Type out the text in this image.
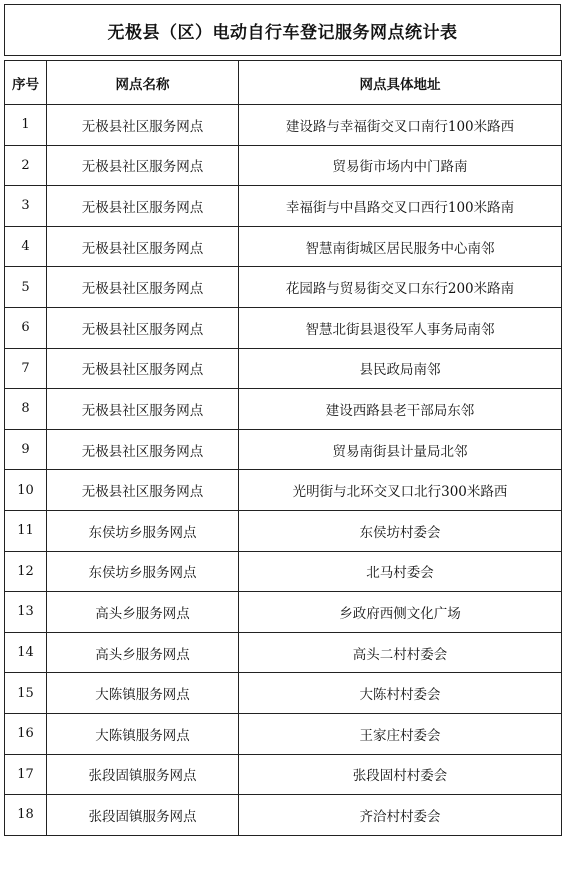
无极县（区）电动自行车登记服务网点统计表
序号	网点名称	网点具体地址
1	无极县社区服务网点	建设路与幸福街交叉口南行100米路西
2	无极县社区服务网点	贸易街市场内中门路南
3	无极县社区服务网点	幸福街与中昌路交叉口西行100米路南
4	无极县社区服务网点	智慧南街城区居民服务中心南邻
5	无极县社区服务网点	花园路与贸易街交叉口东行200米路南
6	无极县社区服务网点	智慧北街县退役军人事务局南邻
7	无极县社区服务网点	县民政局南邻
8	无极县社区服务网点	建设西路县老干部局东邻
9	无极县社区服务网点	贸易南街县计量局北邻
10	无极县社区服务网点	光明街与北环交叉口北行300米路西
11	东侯坊乡服务网点	东侯坊村委会
12	东侯坊乡服务网点	北马村委会
13	高头乡服务网点	乡政府西侧文化广场
14	高头乡服务网点	高头二村村委会
15	大陈镇服务网点	大陈村村委会
16	大陈镇服务网点	王家庄村委会
17	张段固镇服务网点	张段固村村委会
18	张段固镇服务网点	齐洽村村委会
